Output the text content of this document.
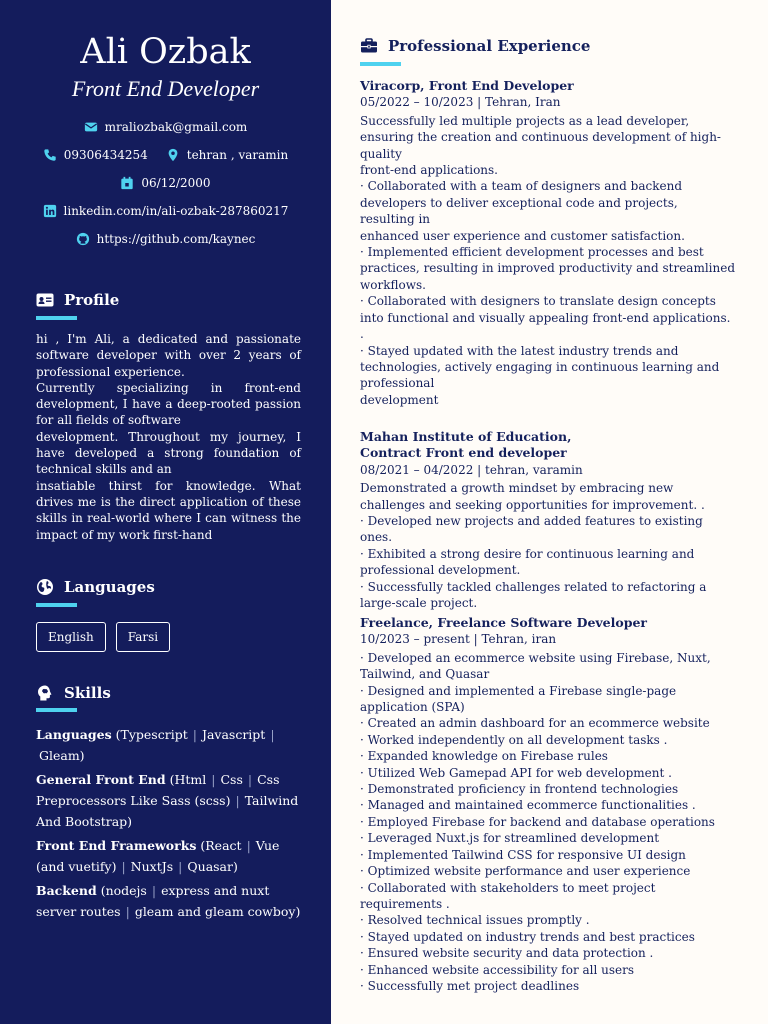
Ali Ozbak
Front End Developer
mraliozbak@gmail.com
09306434254	tehran , varamin
06/12/2000
linkedin.com/in/ali-ozbak-287860217
https://github.com/kaynec
Profile
hi , I'm Ali, a dedicated and passionate software developer with over 2 years of professional experience.
Currently specializing in front-end development, I have a deep-rooted passion for all fields of software
development. Throughout my journey, I have developed a strong foundation of technical skills and an
insatiable thirst for knowledge. What drives me is the direct application of these skills in real-world where I can witness the impact of my work first-hand
Languages
English	Farsi
Skills
Languages (Typescript | Javascript |
Gleam)
General Front End (Html | Css | Css Preprocessors Like Sass (scss) | Tailwind And Bootstrap)
Front End Frameworks (React | Vue (and vuetify) | NuxtJs | Quasar)
Backend (nodejs | express and nuxt server routes | gleam and gleam cowboy)
Professional Experience
Viracorp, Front End Developer
05/2022 – 10/2023 | Tehran, Iran
Successfully led multiple projects as a lead developer, ensuring the creation and continuous development of high-quality
front-end applications.
· Collaborated with a team of designers and backend developers to deliver exceptional code and projects, resulting in
enhanced user experience and customer satisfaction.
· Implemented efficient development processes and best practices, resulting in improved productivity and streamlined workflows.
· Collaborated with designers to translate design concepts into functional and visually appealing front-end applications. .
· Stayed updated with the latest industry trends and technologies, actively engaging in continuous learning and professional
development
Mahan Institute of Education,
Contract Front end developer
08/2021 – 04/2022 | tehran, varamin
Demonstrated a growth mindset by embracing new challenges and seeking opportunities for improvement. .
· Developed new projects and added features to existing ones.
· Exhibited a strong desire for continuous learning and professional development.
· Successfully tackled challenges related to refactoring a large-scale project.
Freelance, Freelance Software Developer
10/2023 – present | Tehran, iran
· Developed an ecommerce website using Firebase, Nuxt, Tailwind, and Quasar
· Designed and implemented a Firebase single-page application (SPA)
· Created an admin dashboard for an ecommerce website
· Worked independently on all development tasks .
· Expanded knowledge on Firebase rules
· Utilized Web Gamepad API for web development .
· Demonstrated proficiency in frontend technologies
· Managed and maintained ecommerce functionalities .
· Employed Firebase for backend and database operations
· Leveraged Nuxt.js for streamlined development
· Implemented Tailwind CSS for responsive UI design
· Optimized website performance and user experience
· Collaborated with stakeholders to meet project requirements .
· Resolved technical issues promptly .
· Stayed updated on industry trends and best practices
· Ensured website security and data protection .
· Enhanced website accessibility for all users
· Successfully met project deadlines
